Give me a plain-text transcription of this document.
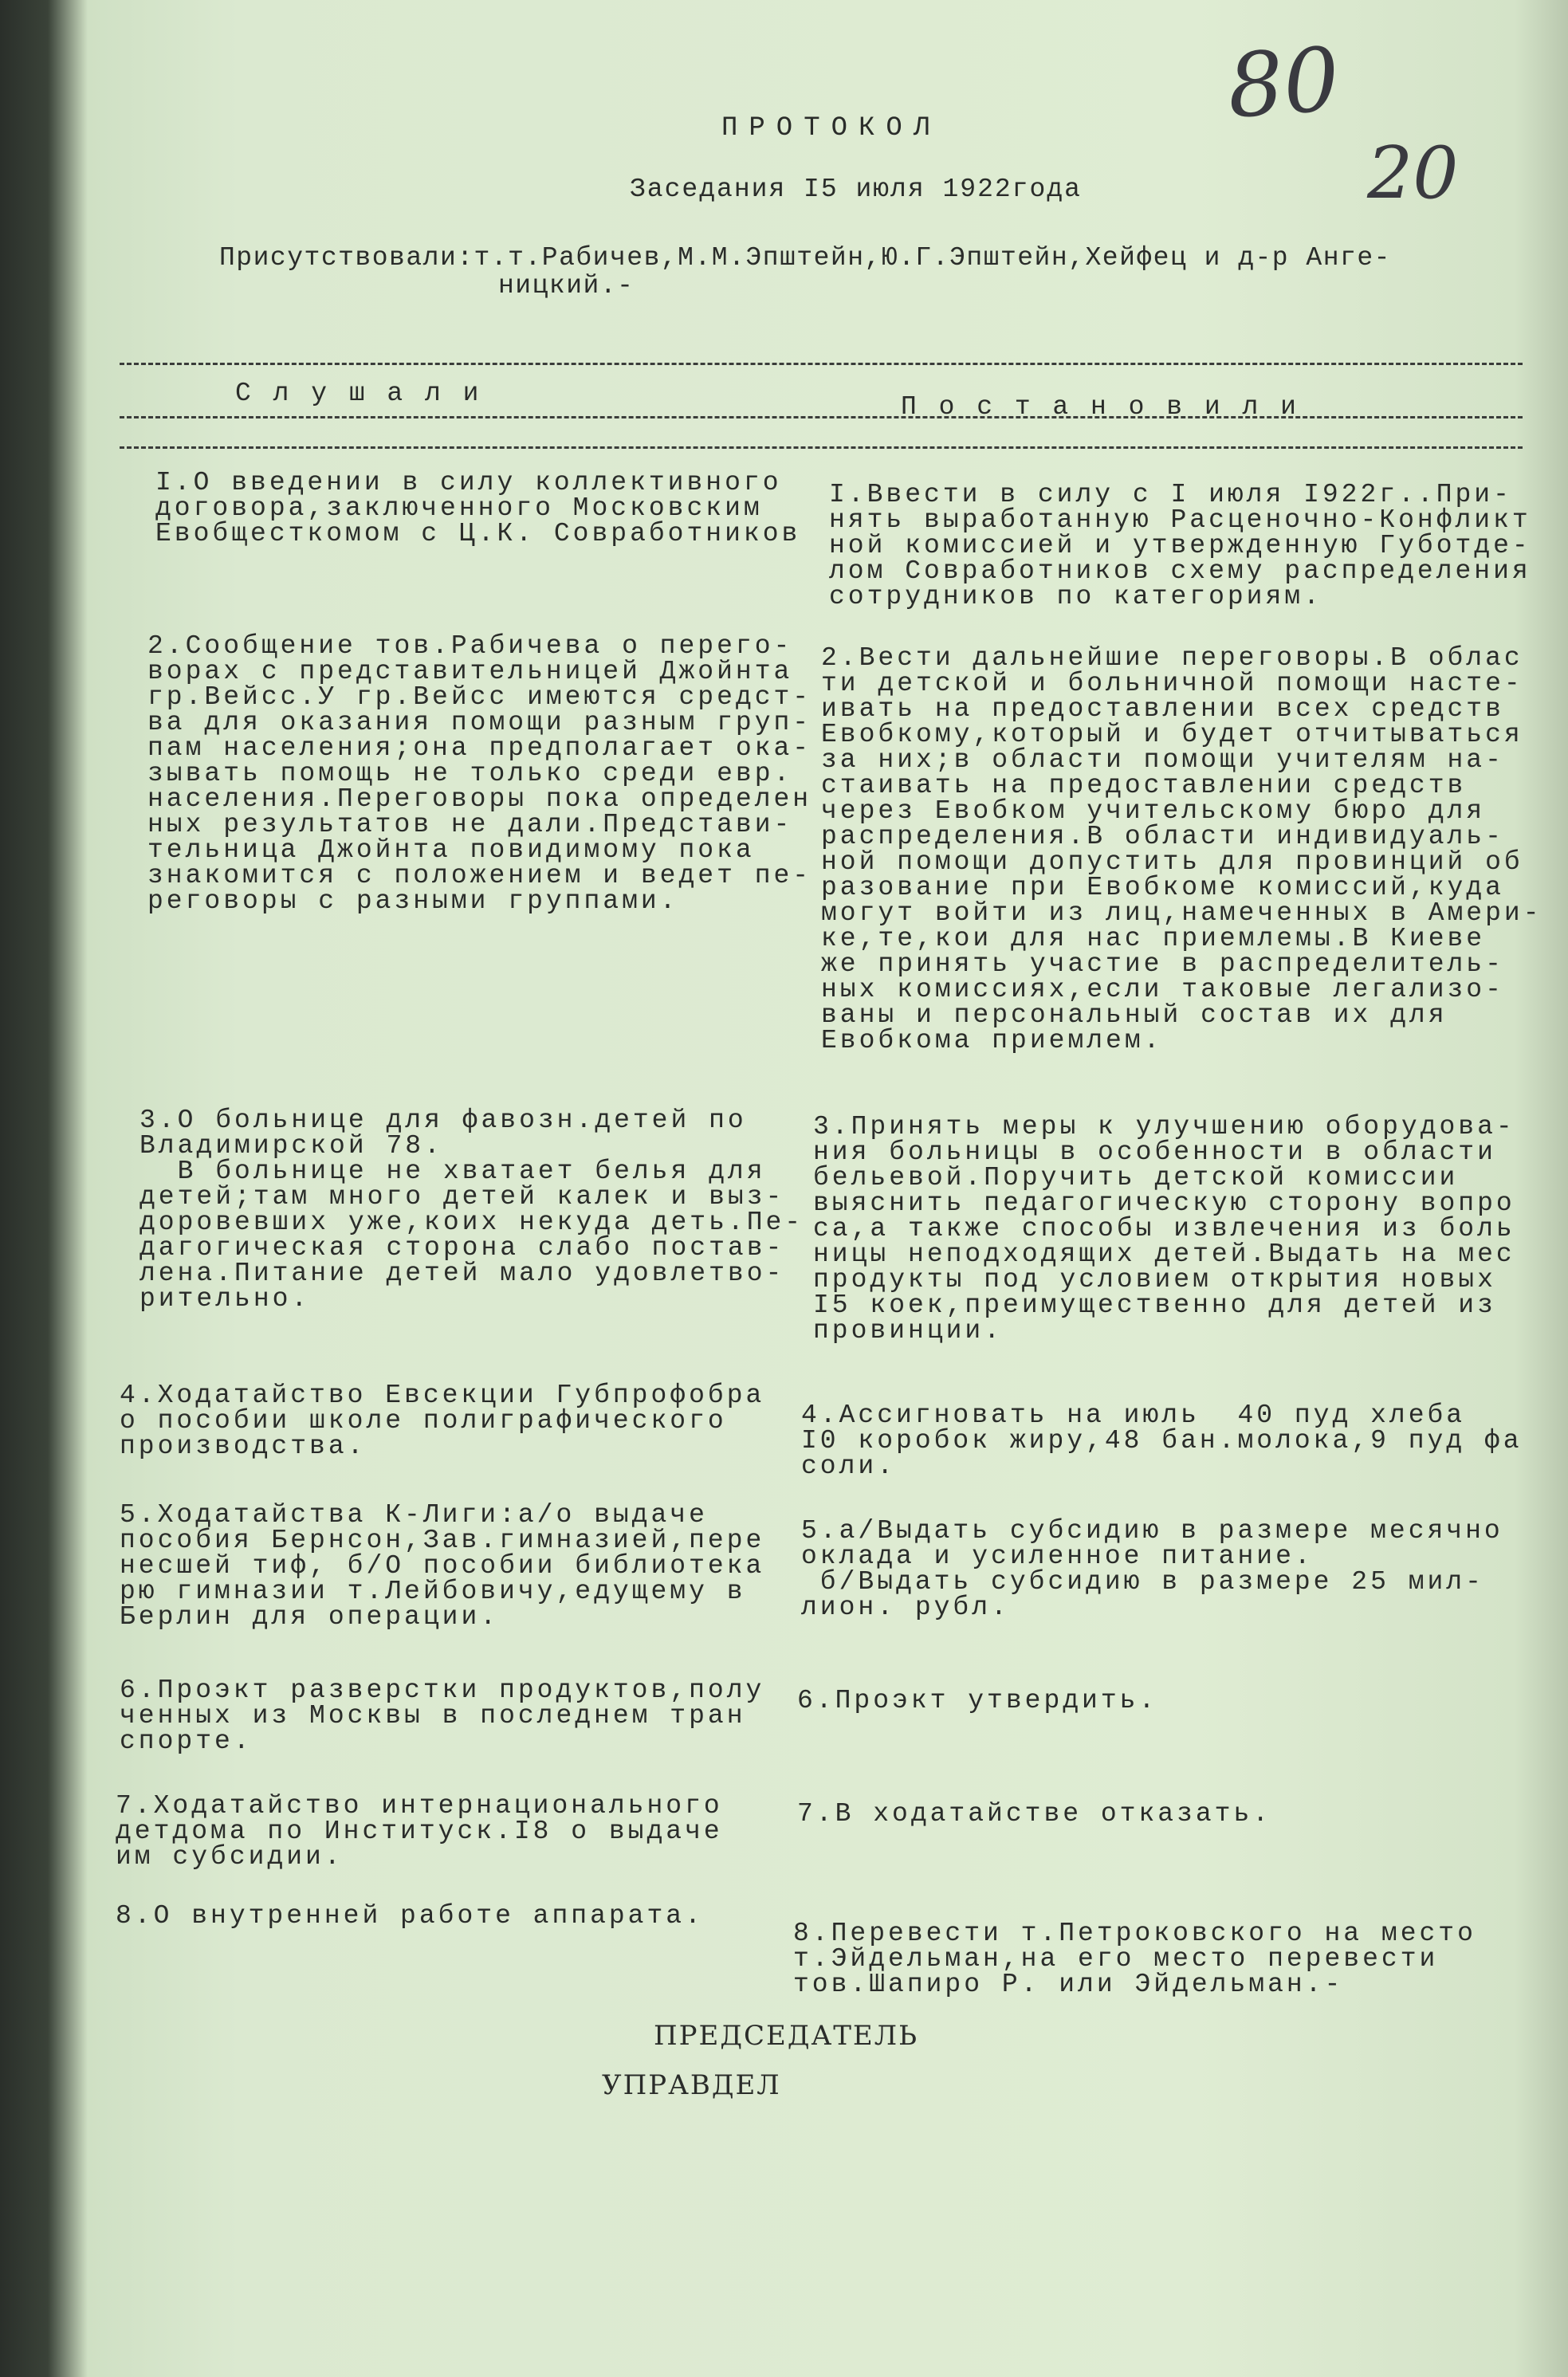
80
20
ПРОТОКОЛ
Заседания I5 июля 1922года
Присутствовали:т.т.Рабичев,М.М.Эпштейн,Ю.Г.Эпштейн,Хейфец и д-р Анге-
ницкий.-
С л у ш а л и	П о с т а н о в и л и
I.О введении в силу коллективного
договора,заключенного Московским
Евобщесткомом с Ц.К. Совработников
I.Ввести в силу с I июля I922г..При-
нять выработанную Расценочно-Конфликт
ной комиссией и утвержденную Губотде-
лом Совработников схему распределения
сотрудников по категориям.
2.Сообщение тов.Рабичева о перего-
ворах с представительницей Джойнта
гр.Вейсс.У гр.Вейсс имеются средст-
ва для оказания помощи разным груп-
пам населения;она предполагает ока-
зывать помощь не только среди евр.
населения.Переговоры пока определен
ных результатов не дали.Представи-
тельница Джойнта повидимому пока
знакомится с положением и ведет пе-
реговоры с разными группами.
2.Вести дальнейшие переговоры.В облас
ти детской и больничной помощи насте-
ивать на предоставлении всех средств
Евобкому,который и будет отчитываться
за них;в области помощи учителям на-
стаивать на предоставлении средств
через Евобком учительскому бюро для
распределения.В области индивидуаль-
ной помощи допустить для провинций об
разование при Евобкоме комиссий,куда
могут войти из лиц,намеченных в Амери-
ке,те,кои для нас приемлемы.В Киеве
же принять участие в распределитель-
ных комиссиях,если таковые легализо-
ваны и персональный состав их для
Евобкома приемлем.
3.О больнице для фавозн.детей по
Владимирской 78.
В больнице не хватает белья для
детей;там много детей калек и выз-
доровевших уже,коих некуда деть.Пе-
дагогическая сторона слабо постав-
лена.Питание детей мало удовлетво-
рительно.
3.Принять меры к улучшению оборудова-
ния больницы в особенности в области
бельевой.Поручить детской комиссии
выяснить педагогическую сторону вопро
са,а также способы извлечения из боль
ницы неподходящих детей.Выдать на мес
продукты под условием открытия новых
I5 коек,преимущественно для детей из
провинции.
4.Ходатайство Евсекции Губпрофобра
о пособии школе полиграфического
производства.
4.Ассигновать на июль  40 пуд хлеба
I0 коробок жиру,48 бан.молока,9 пуд фа
соли.
5.Ходатайства К-Лиги:а/о выдаче
пособия Бернсон,Зав.гимназией,пере
несшей тиф, б/О пособии библиотека
рю гимназии т.Лейбовичу,едущему в
Берлин для операции.
5.а/Выдать субсидию в размере месячно
оклада и усиленное питание.
б/Выдать субсидию в размере 25 мил-
лион. рубл.
6.Проэкт разверстки продуктов,полу
ченных из Москвы в последнем тран
спорте.
6.Проэкт утвердить.
7.Ходатайство интернационального
детдома по Институск.I8 о выдаче
им субсидии.
7.В ходатайстве отказать.
8.О внутренней работе аппарата.
8.Перевести т.Петроковского на место
т.Эйдельман,на его место перевести
тов.Шапиро Р. или Эйдельман.-
ПРЕДСЕДАТЕЛЬ
УПРАВДЕЛ
